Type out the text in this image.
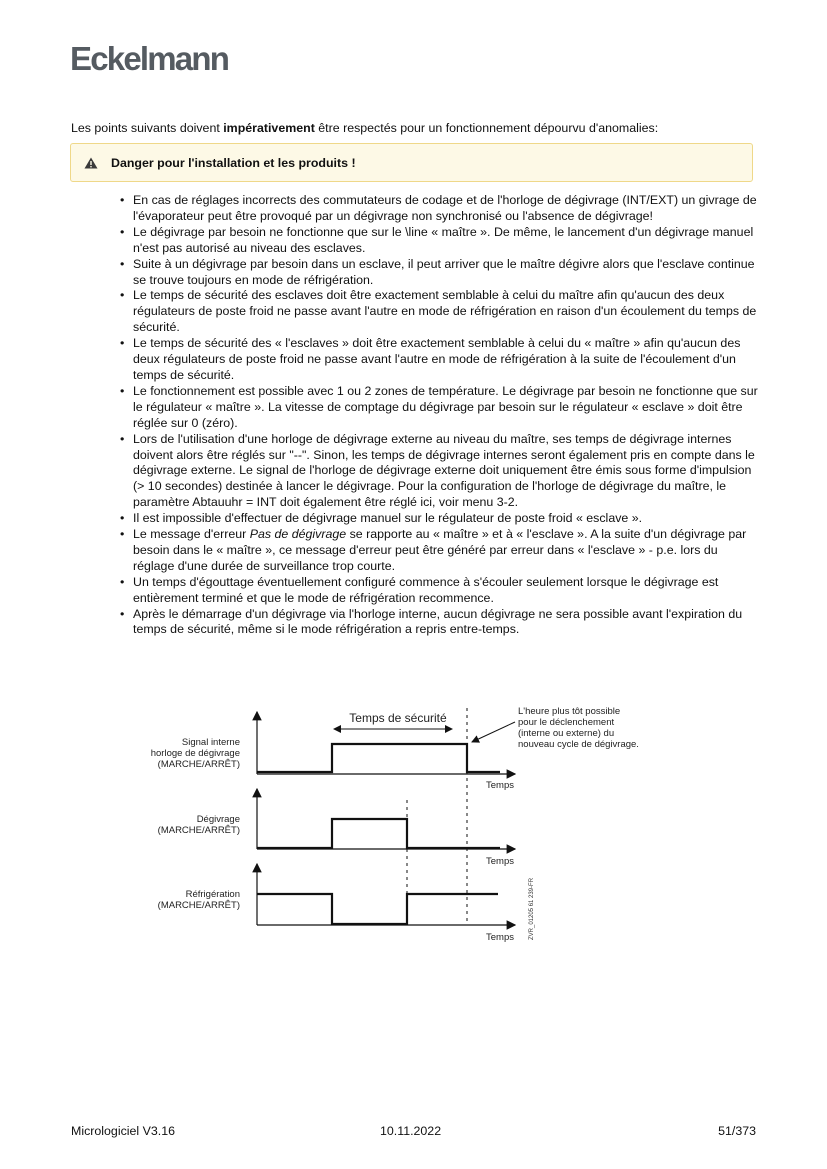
Eckelmann
Les points suivants doivent impérativement être respectés pour un fonctionnement dépourvu d'anomalies:
Danger pour l'installation et les produits !
• En cas de réglages incorrects des commutateurs de codage et de l'horloge de dégivrage (INT/EXT) un givrage de l'évaporateur peut être provoqué par un dégivrage non synchronisé ou l'absence de dégivrage!
• Le dégivrage par besoin ne fonctionne que sur le \line « maître ». De même, le lancement d'un dégivrage manuel n'est pas autorisé au niveau des esclaves.
• Suite à un dégivrage par besoin dans un esclave, il peut arriver que le maître dégivre alors que l'esclave continue se trouve toujours en mode de réfrigération.
• Le temps de sécurité des esclaves doit être exactement semblable à celui du maître afin qu'aucun des deux régulateurs de poste froid ne passe avant l'autre en mode de réfrigération en raison d'un écoulement du temps de sécurité.
• Le temps de sécurité des « l'esclaves » doit être exactement semblable à celui du « maître » afin qu'aucun des deux régulateurs de poste froid ne passe avant l'autre en mode de réfrigération à la suite de l'écoulement d'un temps de sécurité.
• Le fonctionnement est possible avec 1 ou 2 zones de température. Le dégivrage par besoin ne fonctionne que sur le régulateur « maître ». La vitesse de comptage du dégivrage par besoin sur le régulateur « esclave » doit être réglée sur 0 (zéro).
• Lors de l'utilisation d'une horloge de dégivrage externe au niveau du maître, ses temps de dégivrage internes doivent alors être réglés sur "--". Sinon, les temps de dégivrage internes seront également pris en compte dans le dégivrage externe. Le signal de l'horloge de dégivrage externe doit uniquement être émis sous forme d'impulsion (> 10 secondes) destinée à lancer le dégivrage. Pour la configuration de l'horloge de dégivrage du maître, le paramètre Abtauuhr = INT doit également être réglé ici, voir menu 3-2.
• Il est impossible d'effectuer de dégivrage manuel sur le régulateur de poste froid « esclave ».
• Le message d'erreur Pas de dégivrage se rapporte au « maître » et à « l'esclave ». A la suite d'un dégivrage par besoin dans le « maître », ce message d'erreur peut être généré par erreur dans « l'esclave » - p.e. lors du réglage d'une durée de surveillance trop courte.
• Un temps d'égouttage éventuellement configuré commence à s'écouler seulement lorsque le dégivrage est entièrement terminé et que le mode de réfrigération recommence.
• Après le démarrage d'un dégivrage via l'horloge interne, aucun dégivrage ne sera possible avant l'expiration du temps de sécurité, même si le mode réfrigération a repris entre-temps.
Signal interne
horloge de dégivrage
(MARCHE/ARRÊT)
Temps de sécurité
Temps
L'heure plus tôt possible
pour le déclenchement
(interne ou externe) du
nouveau cycle de dégivrage.
Dégivrage
(MARCHE/ARRÊT)
Temps
Réfrigération
(MARCHE/ARRÊT)
Temps	ZVR_01205 61 239-FR
Micrologiciel V3.16	10.11.2022	51/373
